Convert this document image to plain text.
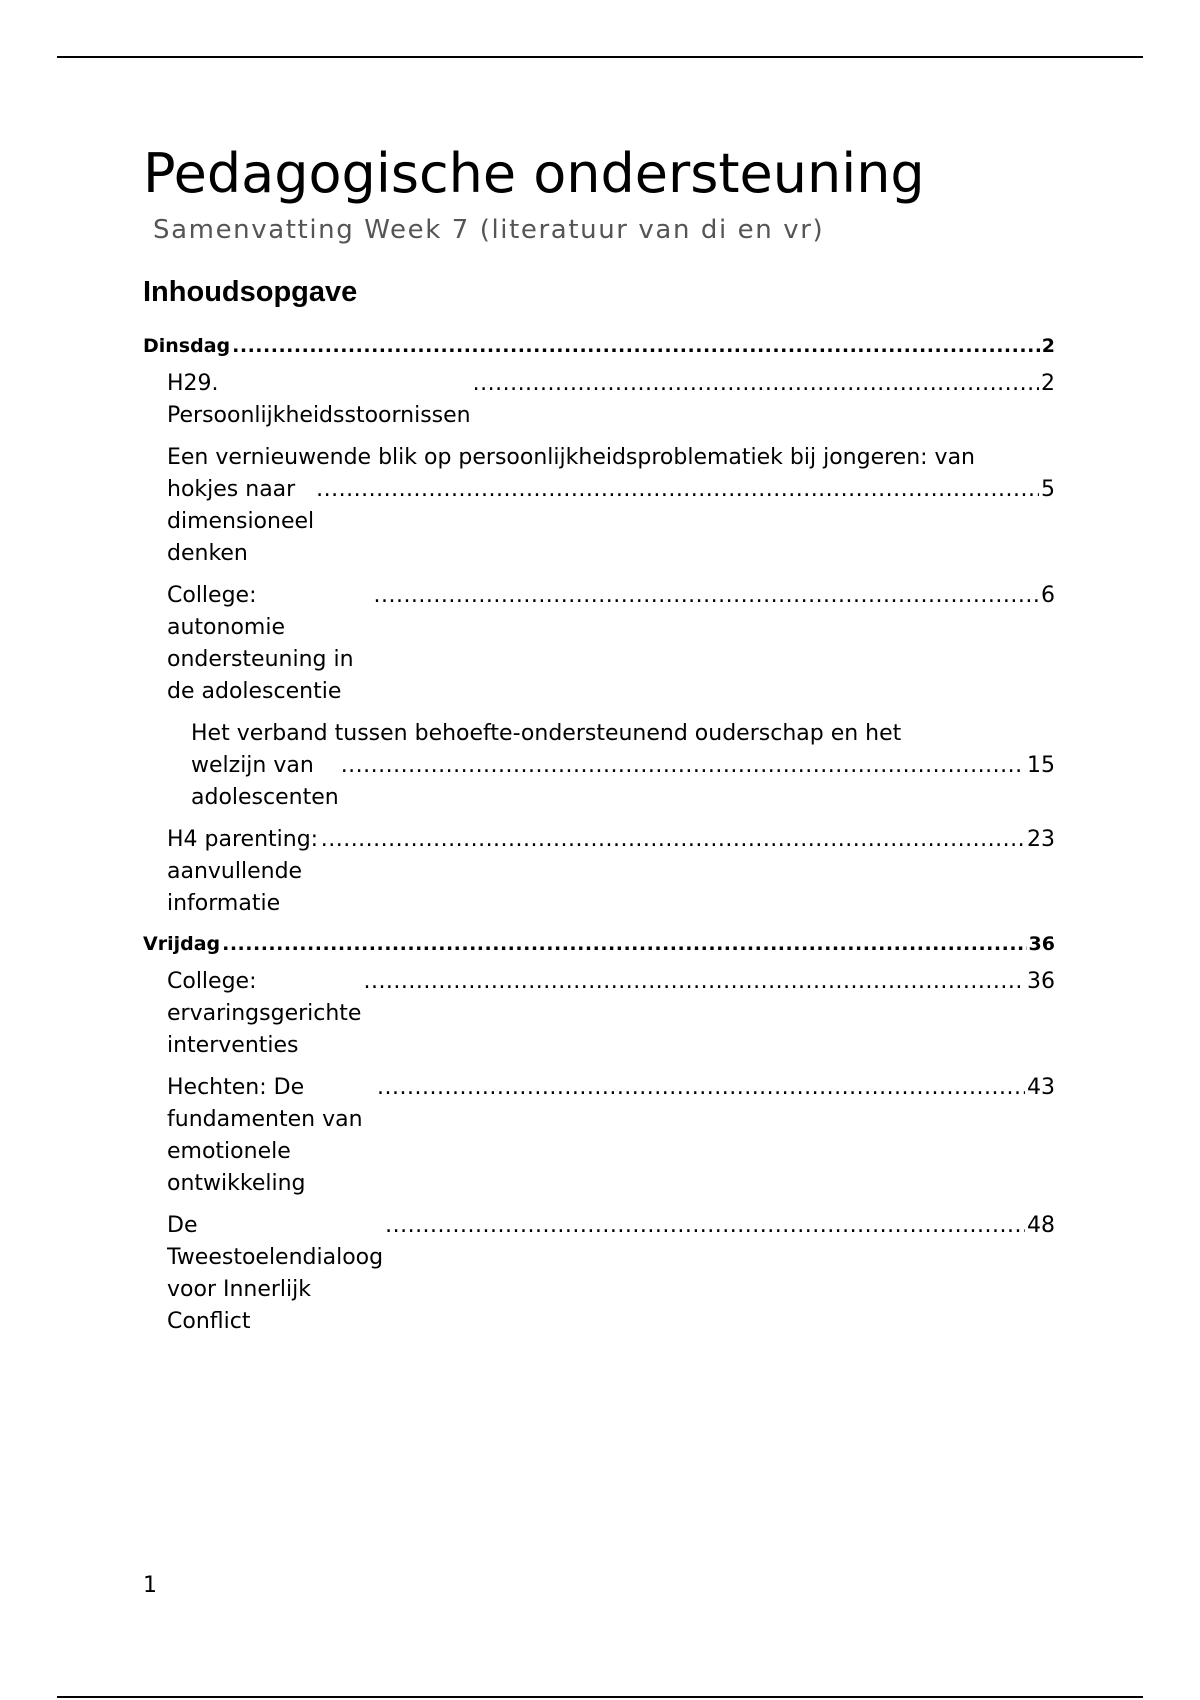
Pedagogische ondersteuning
Samenvatting Week 7 (literatuur van di en vr)
Inhoudsopgave
Dinsdag .....	2
H29. Persoonlijkheidsstoornissen
.....
2
Een vernieuwende blik op persoonlijkheidsproblematiek bij jongeren: van
hokjes naar dimensioneel denken
.....
5
College: autonomie ondersteuning in de adolescentie
.....
6
Het verband tussen behoefte-ondersteunend ouderschap en het
welzijn van adolescenten
.....
15
H4 parenting: aanvullende informatie
.....
23
Vrijdag .....	36
College: ervaringsgerichte interventies
.....
36
Hechten: De fundamenten van emotionele ontwikkeling
.....
43
De Tweestoelendialoog voor Innerlijk Conflict
.....
48
1
